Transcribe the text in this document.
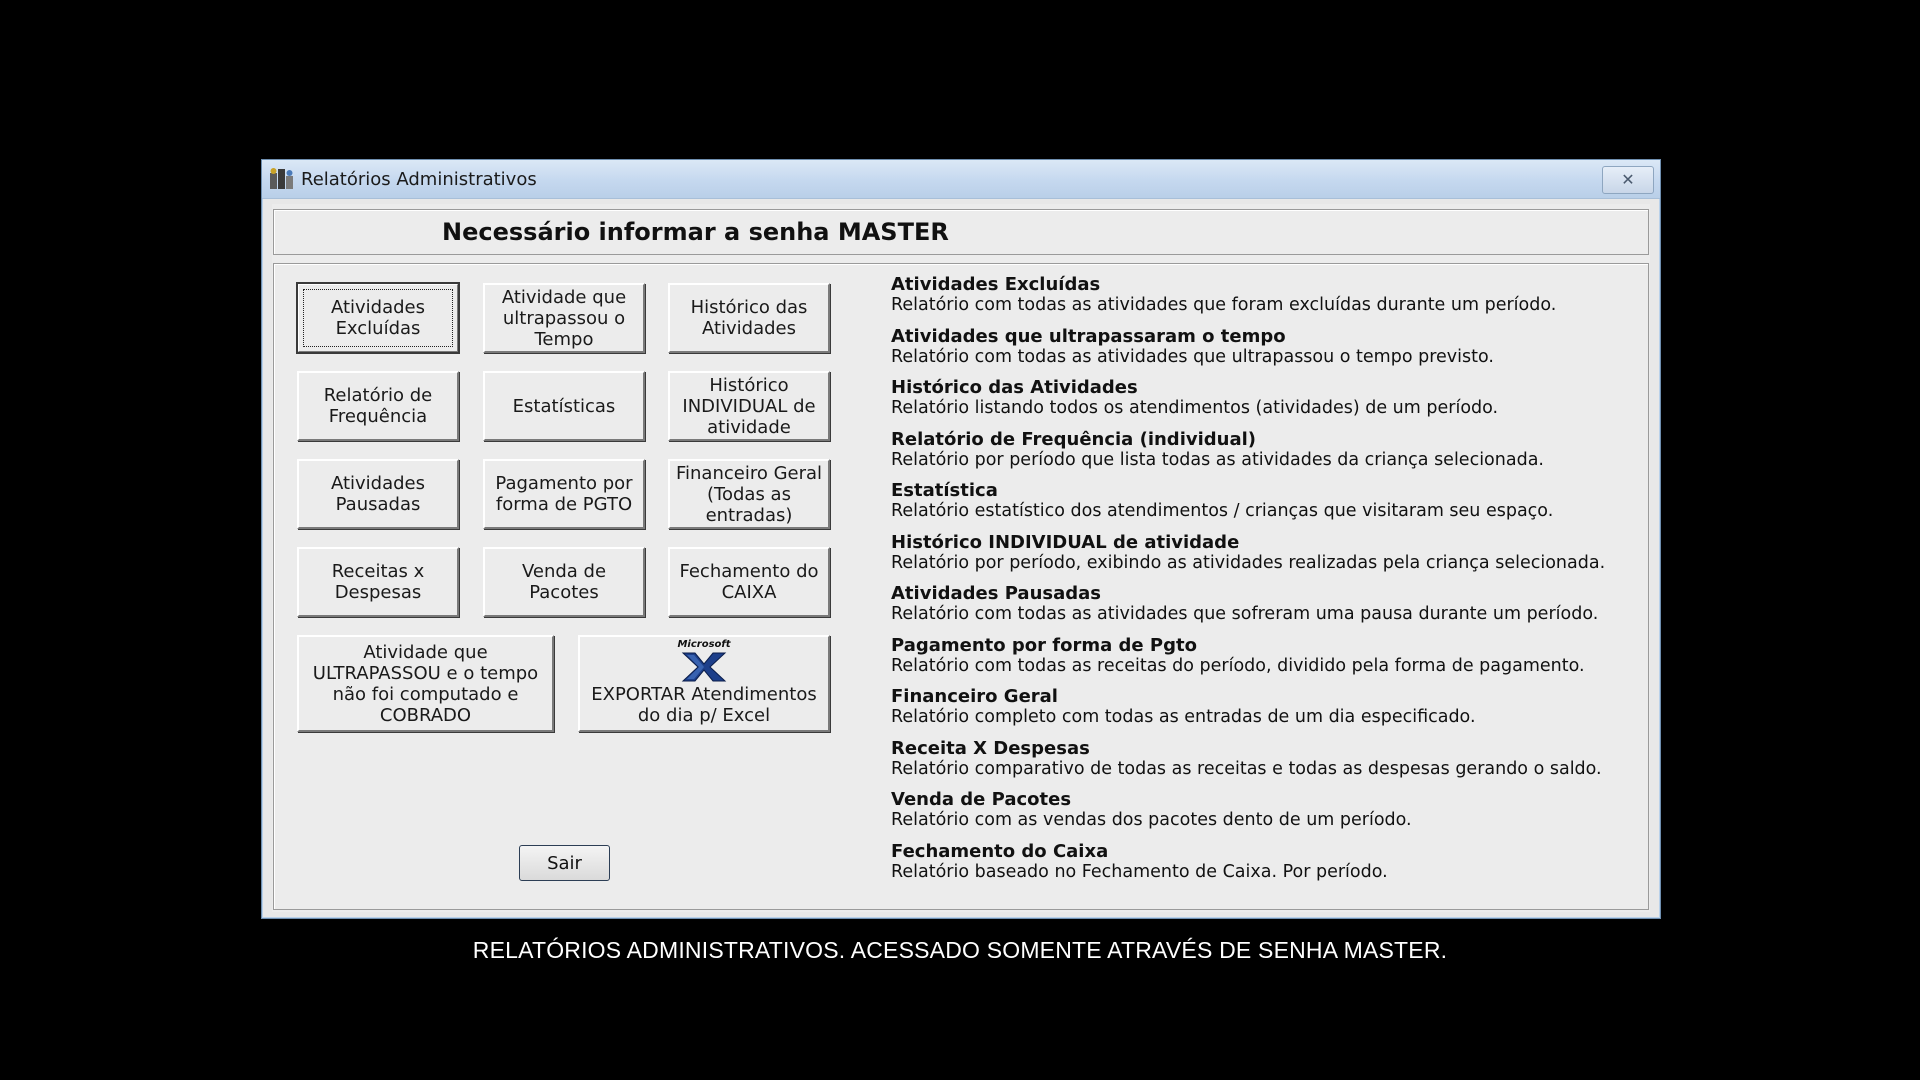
Relatórios Administrativos	✕
Necessário informar a senha MASTER
Atividades
Excluídas
Atividade que
ultrapassou o
Tempo
Histórico das
Atividades
Relatório de
Frequência	Estatísticas
Histórico
INDIVIDUAL de
atividade
Atividades
Pausadas
Pagamento por
forma de PGTO
Financeiro Geral
(Todas as
entradas)
Receitas x
Despesas
Venda de
Pacotes
Fechamento do
CAIXA
Atividade que
ULTRAPASSOU e o tempo
não foi computado e
COBRADO
Microsoft
EXPORTAR Atendimentos
do dia p/ Excel
Sair
Atividades Excluídas
Relatório com todas as atividades que foram excluídas durante um período.
Atividades que ultrapassaram o tempo
Relatório com todas as atividades que ultrapassou o tempo previsto.
Histórico das Atividades
Relatório listando todos os atendimentos (atividades) de um período.
Relatório de Frequência (individual)
Relatório por período que lista todas as atividades da criança selecionada.
Estatística
Relatório estatístico dos atendimentos / crianças que visitaram seu espaço.
Histórico INDIVIDUAL de atividade
Relatório por período, exibindo as atividades realizadas pela criança selecionada.
Atividades Pausadas
Relatório com todas as atividades que sofreram uma pausa durante um período.
Pagamento por forma de Pgto
Relatório com todas as receitas do período, dividido pela forma de pagamento.
Financeiro Geral
Relatório completo com todas as entradas de um dia especificado.
Receita X Despesas
Relatório comparativo de todas as receitas e todas as despesas gerando o saldo.
Venda de Pacotes
Relatório com as vendas dos pacotes dento de um período.
Fechamento do Caixa
Relatório baseado no Fechamento de Caixa. Por período.
RELATÓRIOS ADMINISTRATIVOS. ACESSADO SOMENTE ATRAVÉS DE SENHA MASTER.
